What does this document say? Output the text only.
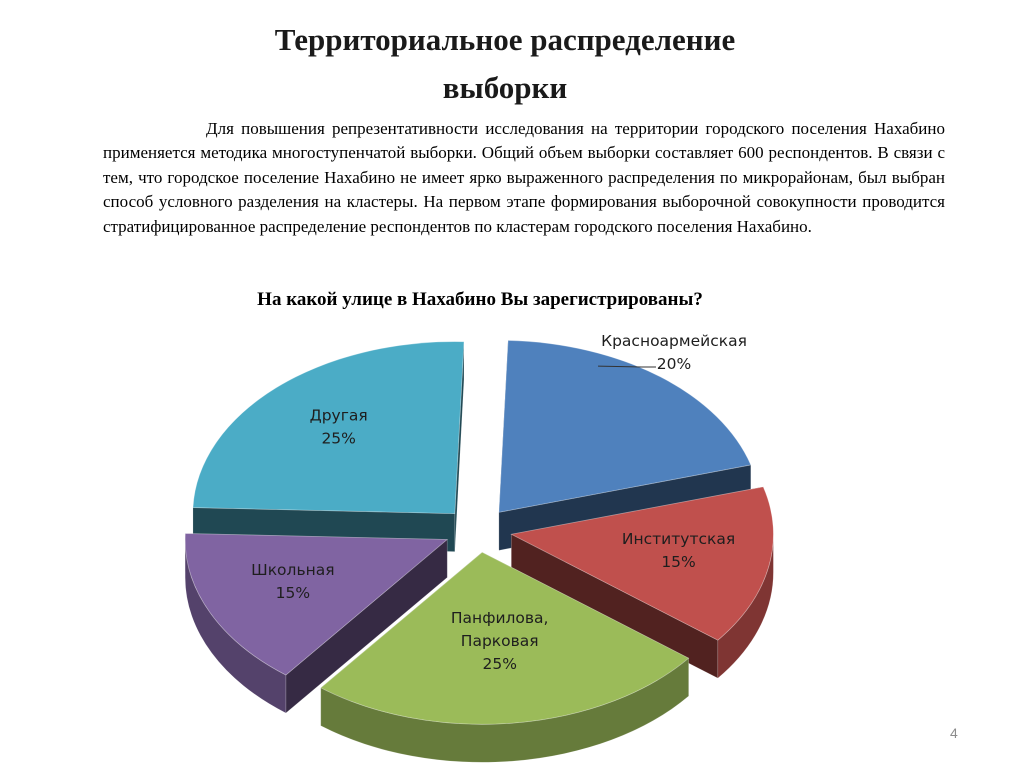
Территориальное распределение
выборки

Для повышения репрезентативности исследования на территории городского поселения Нахабино применяется методика многоступенчатой выборки. Общий объем выборки составляет 600 респондентов. В связи с тем, что городское поселение Нахабино не имеет ярко выраженного распределения по микрорайонам, был выбран способ условного разделения на кластеры. На первом этапе формирования выборочной совокупности проводится стратифицированное распределение респондентов по кластерам городского поселения Нахабино.

На какой улице в Нахабино Вы зарегистрированы?
Красноармейская 20%
Институтская 15%
Панфилова, Парковая 25%
Школьная 15%
Другая 25%
4
